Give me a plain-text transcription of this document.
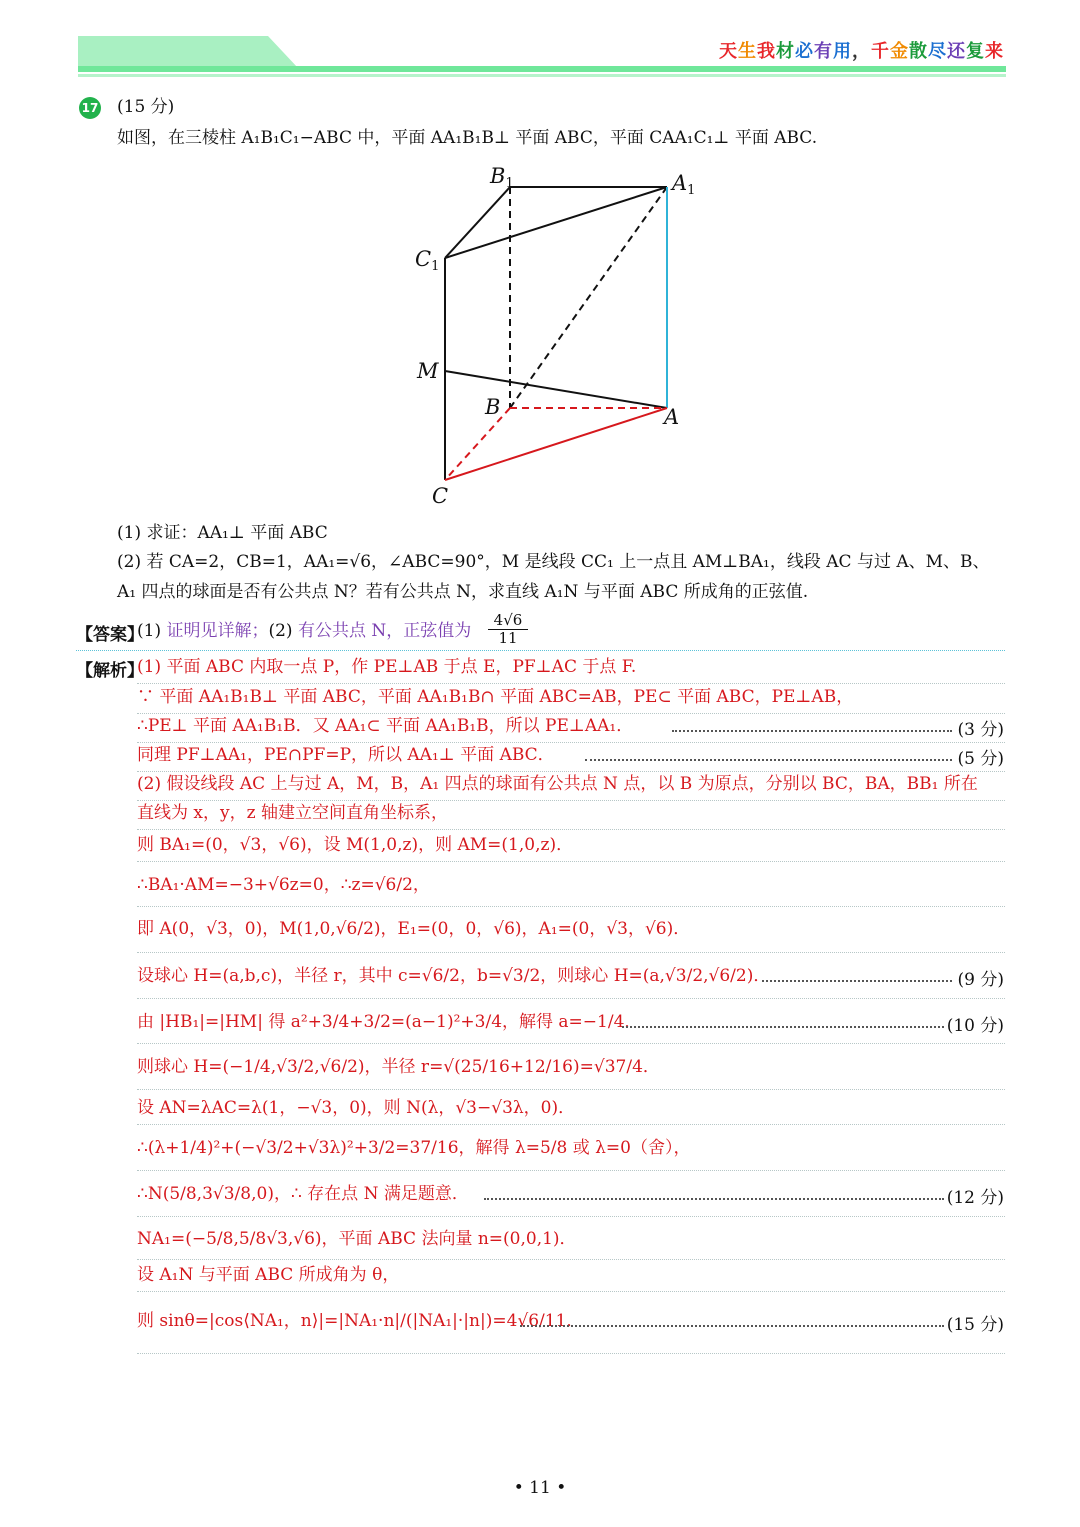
天生我材必有用，千金散尽还复来
17 (15 分)
如图，在三棱柱 A₁B₁C₁−ABC 中，平面 AA₁B₁B⊥ 平面 ABC，平面 CAA₁C₁⊥ 平面 ABC.
B1	A1
C1
M
B	A
C
(1) 求证：AA₁⊥ 平面 ABC
(2) 若 CA=2，CB=1，AA₁=√6，∠ABC=90°，M 是线段 CC₁ 上一点且 AM⊥BA₁，线段 AC 与过 A、M、B、
A₁ 四点的球面是否有公共点 N？若有公共点 N，求直线 A₁N 与平面 ABC 所成角的正弦值.
【答案】
(1) 证明见详解；(2) 有公共点 N，正弦值为
4√6
11
【解析】
(1) 平面 ABC 内取一点 P，作 PE⊥AB 于点 E，PF⊥AC 于点 F.
∵ 平面 AA₁B₁B⊥ 平面 ABC，平面 AA₁B₁B∩ 平面 ABC=AB，PE⊂ 平面 ABC，PE⊥AB，
∴PE⊥ 平面 AA₁B₁B．又 AA₁⊂ 平面 AA₁B₁B，所以 PE⊥AA₁．	(3 分)
同理 PF⊥AA₁，PE∩PF=P，所以 AA₁⊥ 平面 ABC．	(5 分)
(2) 假设线段 AC 上与过 A，M，B，A₁ 四点的球面有公共点 N 点，以 B 为原点，分别以 BC，BA，BB₁ 所在
直线为 x，y，z 轴建立空间直角坐标系，
则 BA₁=(0，√3，√6)，设 M(1,0,z)，则 AM=(1,0,z)．
∴BA₁·AM=−3+√6z=0，∴z=√6/2，
即 A(0，√3，0)，M(1,0,√6/2)，E₁=(0，0，√6)，A₁=(0，√3，√6)．
设球心 H=(a,b,c)，半径 r，其中 c=√6/2，b=√3/2，则球心 H=(a,√3/2,√6/2)．	(9 分)
由 |HB₁|=|HM| 得 a²+3/4+3/2=(a−1)²+3/4，解得 a=−1/4．	(10 分)
则球心 H=(−1/4,√3/2,√6/2)，半径 r=√(25/16+12/16)=√37/4．
设 AN=λAC=λ(1，−√3，0)，则 N(λ，√3−√3λ，0)．
∴(λ+1/4)²+(−√3/2+√3λ)²+3/2=37/16，解得 λ=5/8 或 λ=0（舍），
∴N(5/8,3√3/8,0)，∴ 存在点 N 满足题意．	(12 分)
NA₁=(−5/8,5/8√3,√6)，平面 ABC 法向量 n=(0,0,1)．
设 A₁N 与平面 ABC 所成角为 θ，
则 sinθ=|cos⟨NA₁，n⟩|=|NA₁·n|/(|NA₁|·|n|)=4√6/11．	(15 分)
• 11 •
